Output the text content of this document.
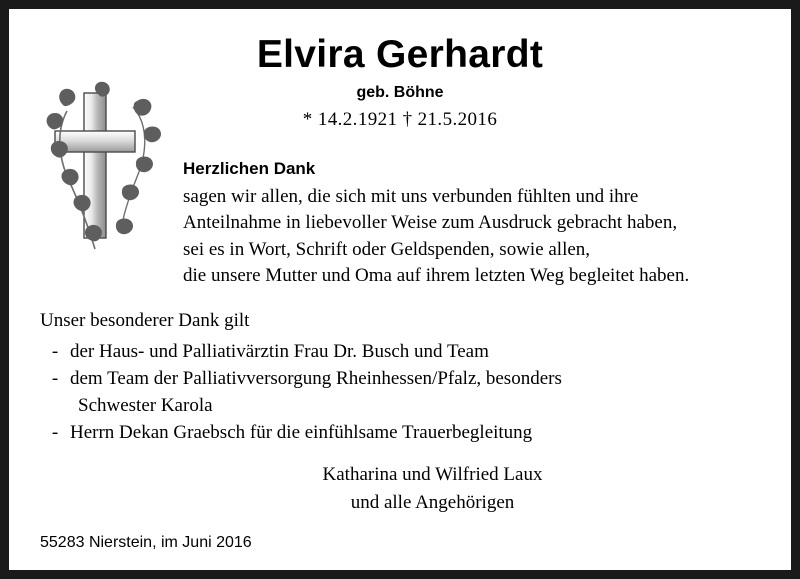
Elvira Gerhardt
geb. Böhne
* 14.2.1921 † 21.5.2016
Herzlichen Dank
sagen wir allen, die sich mit uns verbunden fühlten und ihre
Anteilnahme in liebevoller Weise zum Ausdruck gebracht haben,
sei es in Wort, Schrift oder Geldspenden, sowie allen,
die unsere Mutter und Oma auf ihrem letzten Weg begleitet haben.
Unser besonderer Dank gilt
- der Haus- und Palliativärztin Frau Dr. Busch und Team
- dem Team der Palliativversorgung Rheinhessen/Pfalz, besonders
Schwester Karola
- Herrn Dekan Graebsch für die einfühlsame Trauerbegleitung
Katharina und Wilfried Laux
und alle Angehörigen
55283 Nierstein, im Juni 2016
